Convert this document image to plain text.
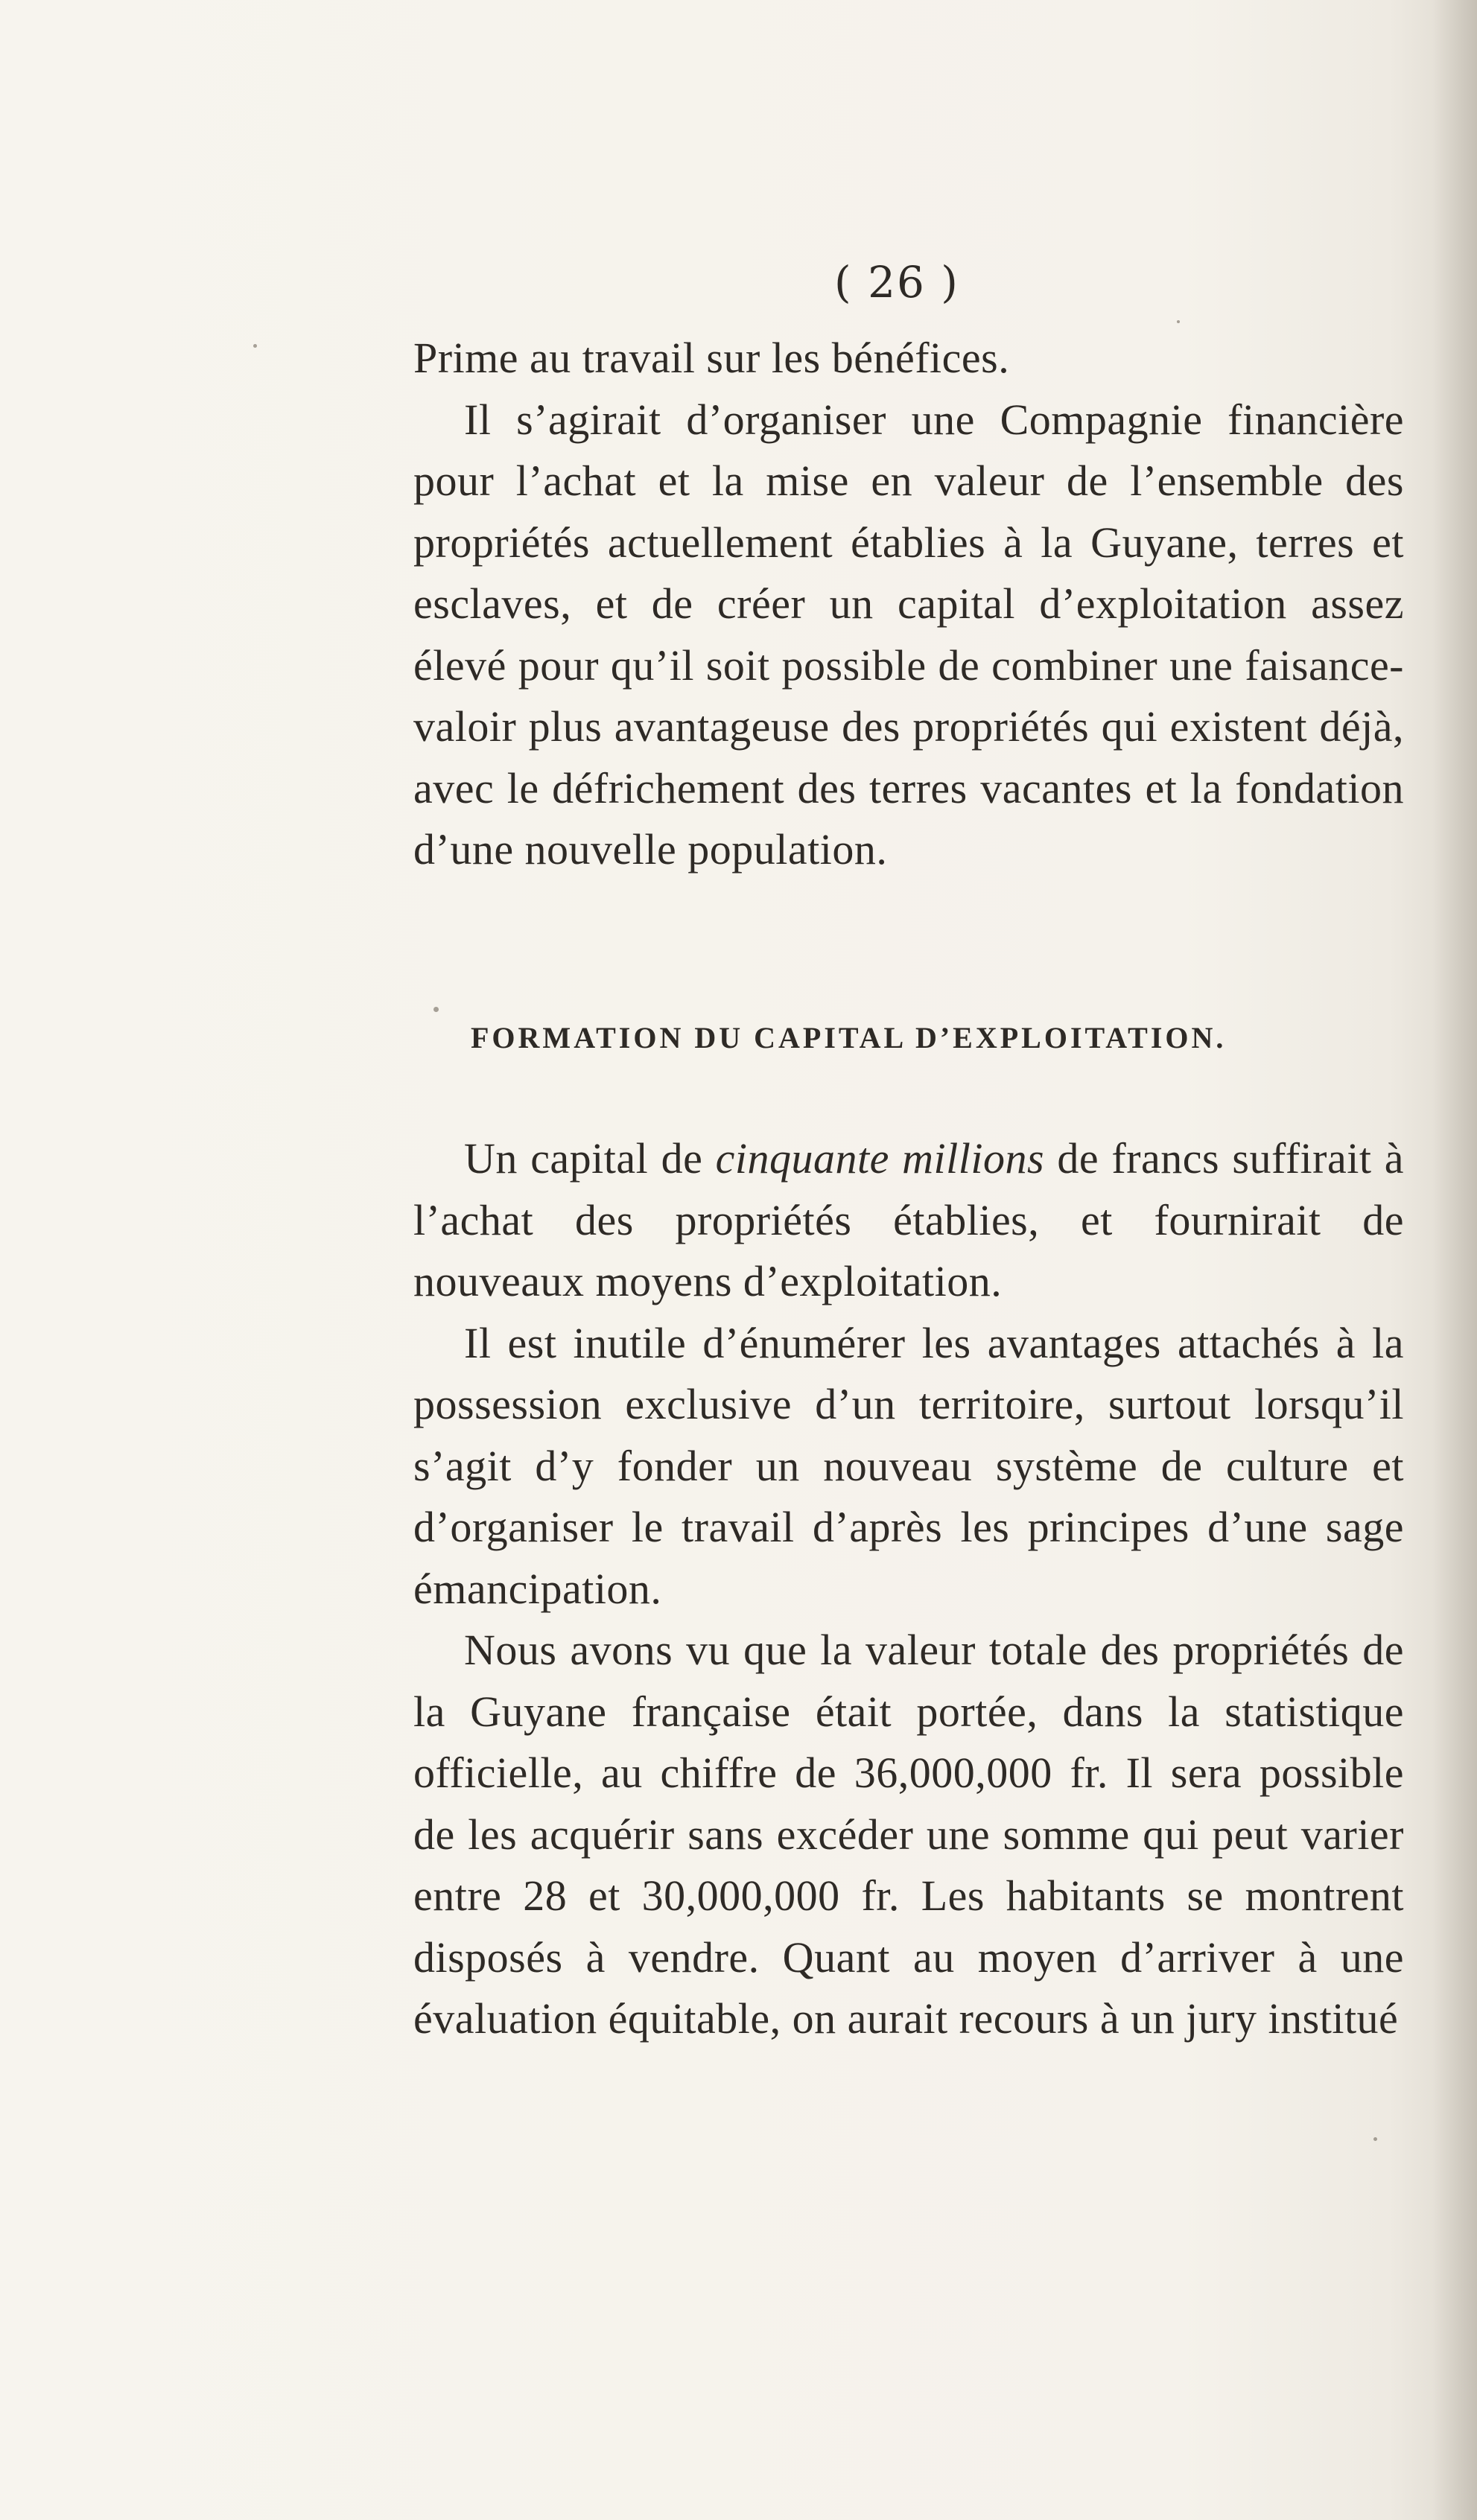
( 26 )

Prime au travail sur les bénéfices.

Il s’agirait d’organiser une Compagnie financière pour l’achat et la mise en valeur de l’ensemble des propriétés actuellement établies à la Guyane, terres et esclaves, et de créer un capital d’exploitation assez élevé pour qu’il soit possible de combiner une faisance-valoir plus avantageuse des propriétés qui existent déjà, avec le défrichement des terres vacantes et la fondation d’une nouvelle population.

FORMATION DU CAPITAL D’EXPLOITATION.

Un capital de cinquante millions de francs suffirait à l’achat des propriétés établies, et fournirait de nouveaux moyens d’exploitation.

Il est inutile d’énumérer les avantages attachés à la possession exclusive d’un territoire, surtout lorsqu’il s’agit d’y fonder un nouveau système de culture et d’organiser le travail d’après les principes d’une sage émancipation.

Nous avons vu que la valeur totale des propriétés de la Guyane française était portée, dans la statistique officielle, au chiffre de 36,000,000 fr. Il sera possible de les acquérir sans excéder une somme qui peut varier entre 28 et 30,000,000 fr. Les habitants se montrent disposés à vendre. Quant au moyen d’arriver à une évaluation équitable, on aurait recours à un jury institué
